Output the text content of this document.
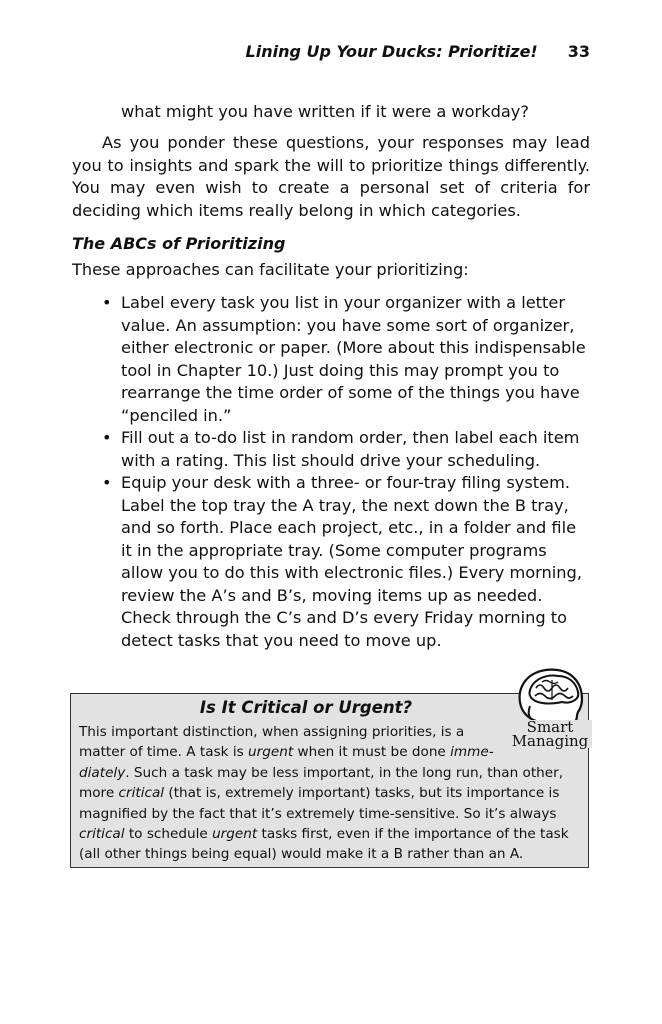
Lining Up Your Ducks: Prioritize! 33
what might you have written if it were a workday?
As you ponder these questions, your responses may lead you to insights and spark the will to prioritize things differently. You may even wish to create a personal set of criteria for deciding which items really belong in which categories.
The ABCs of Prioritizing
These approaches can facilitate your prioritizing:
• Label every task you list in your organizer with a letter value. An assumption: you have some sort of organizer, either electronic or paper. (More about this indispensable tool in Chapter 10.) Just doing this may prompt you to rearrange the time order of some of the things you have “penciled in.”
• Fill out a to-do list in random order, then label each item with a rating. This list should drive your scheduling.
• Equip your desk with a three- or four-tray filing system. Label the top tray the A tray, the next down the B tray, and so forth. Place each project, etc., in a folder and file it in the appropriate tray. (Some computer programs allow you to do this with electronic files.) Every morning, review the A’s and B’s, moving items up as needed. Check through the C’s and D’s every Friday morning to detect tasks that you need to move up.
Is It Critical or Urgent?
This important distinction, when assigning priorities, is a
matter of time. A task is urgent when it must be done imme-
diately. Such a task may be less important, in the long run, than other, more critical (that is, extremely important) tasks, but its importance is magnified by the fact that it’s extremely time-sensitive. So it’s always critical to schedule urgent tasks first, even if the importance of the task (all other things being equal) would make it a B rather than an A.
Smart
Managing
